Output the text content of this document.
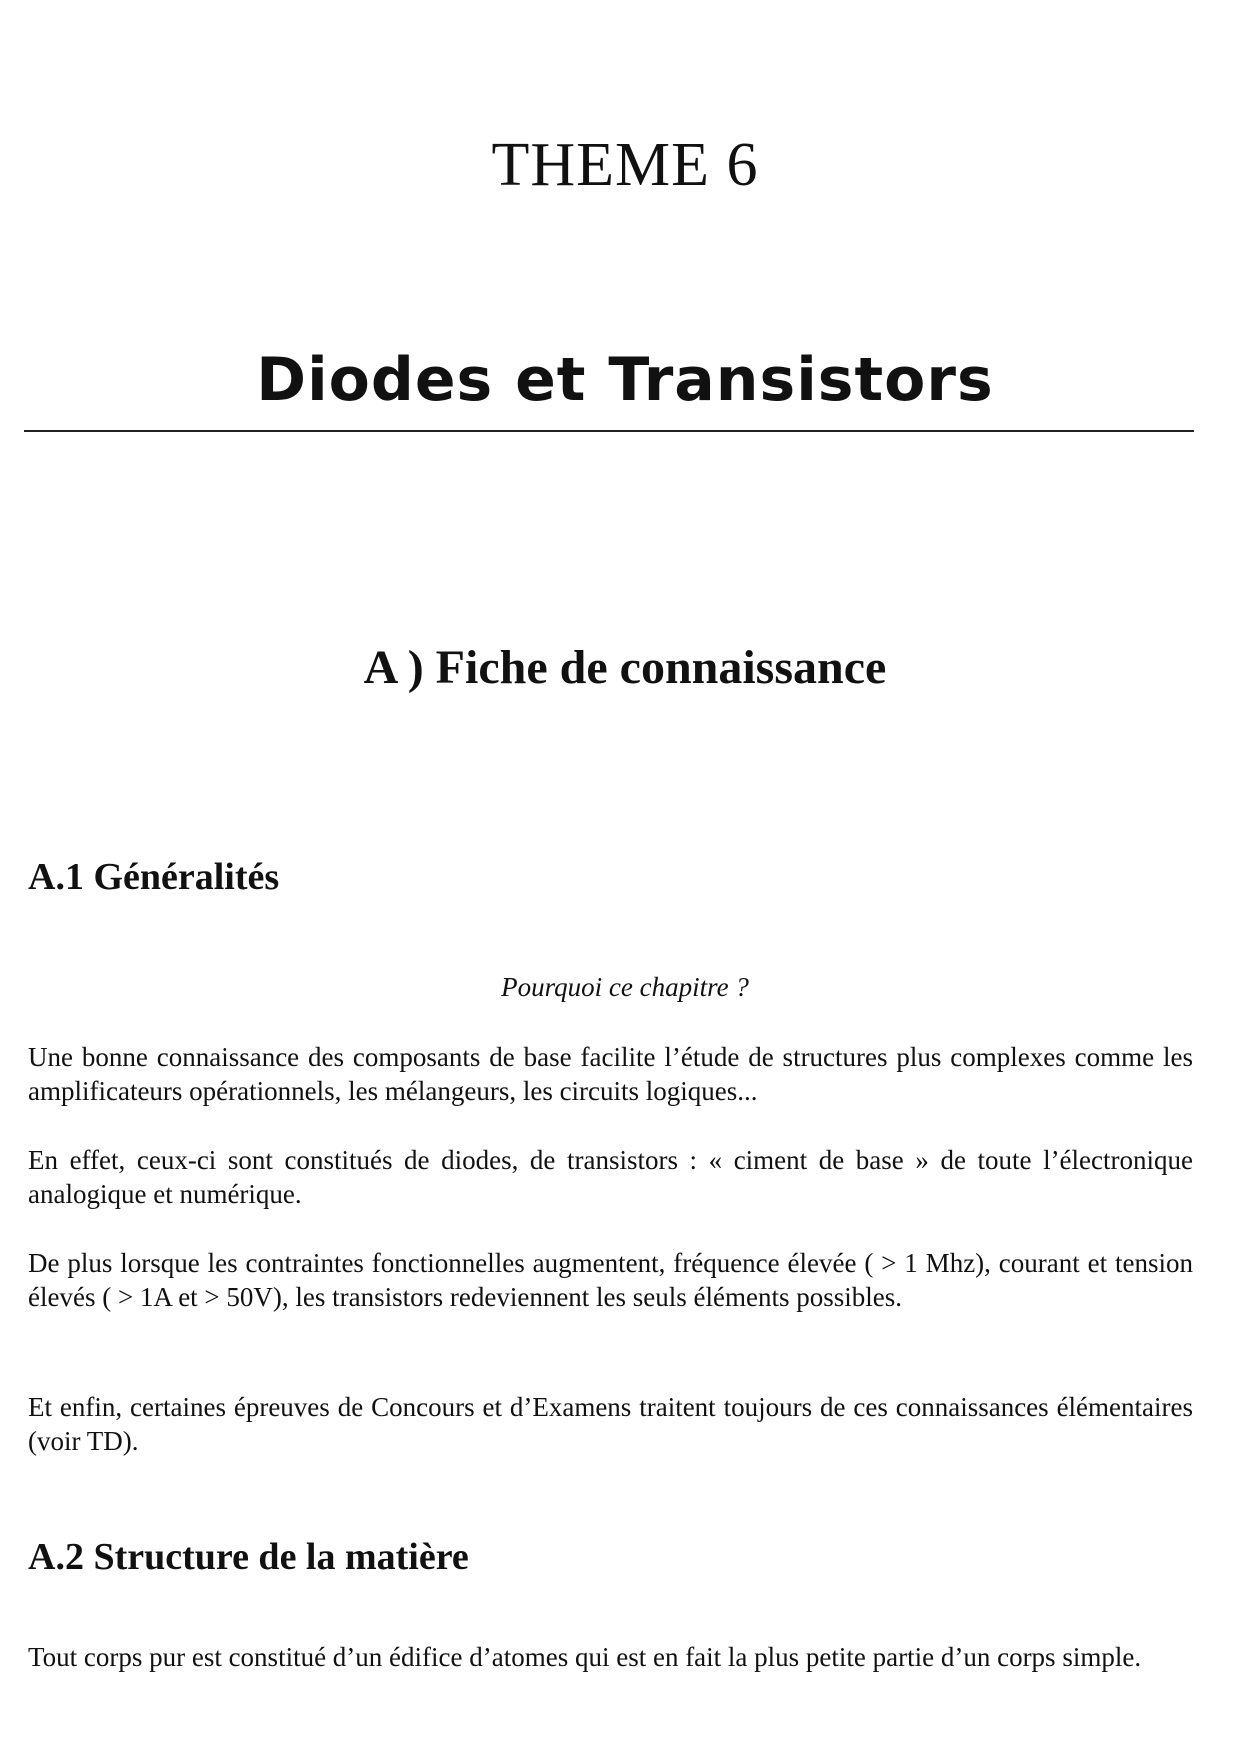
THEME 6
Diodes et Transistors
A ) Fiche de connaissance
A.1 Généralités

Pourquoi ce chapitre ?

Une bonne connaissance des composants de base facilite l’étude de structures plus complexes comme les amplificateurs opérationnels, les mélangeurs, les circuits logiques...

En effet, ceux-ci sont constitués de diodes, de transistors : « ciment de base » de toute l’électronique analogique et numérique.

De plus lorsque les contraintes fonctionnelles augmentent, fréquence élevée ( > 1 Mhz), courant et tension élevés ( > 1A et > 50V), les transistors redeviennent les seuls éléments possibles.

Et enfin, certaines épreuves de Concours et d’Examens traitent toujours de ces connaissances élémentaires (voir TD).

A.2 Structure de la matière

Tout corps pur est constitué d’un édifice d’atomes qui est en fait la plus petite partie d’un corps simple.
